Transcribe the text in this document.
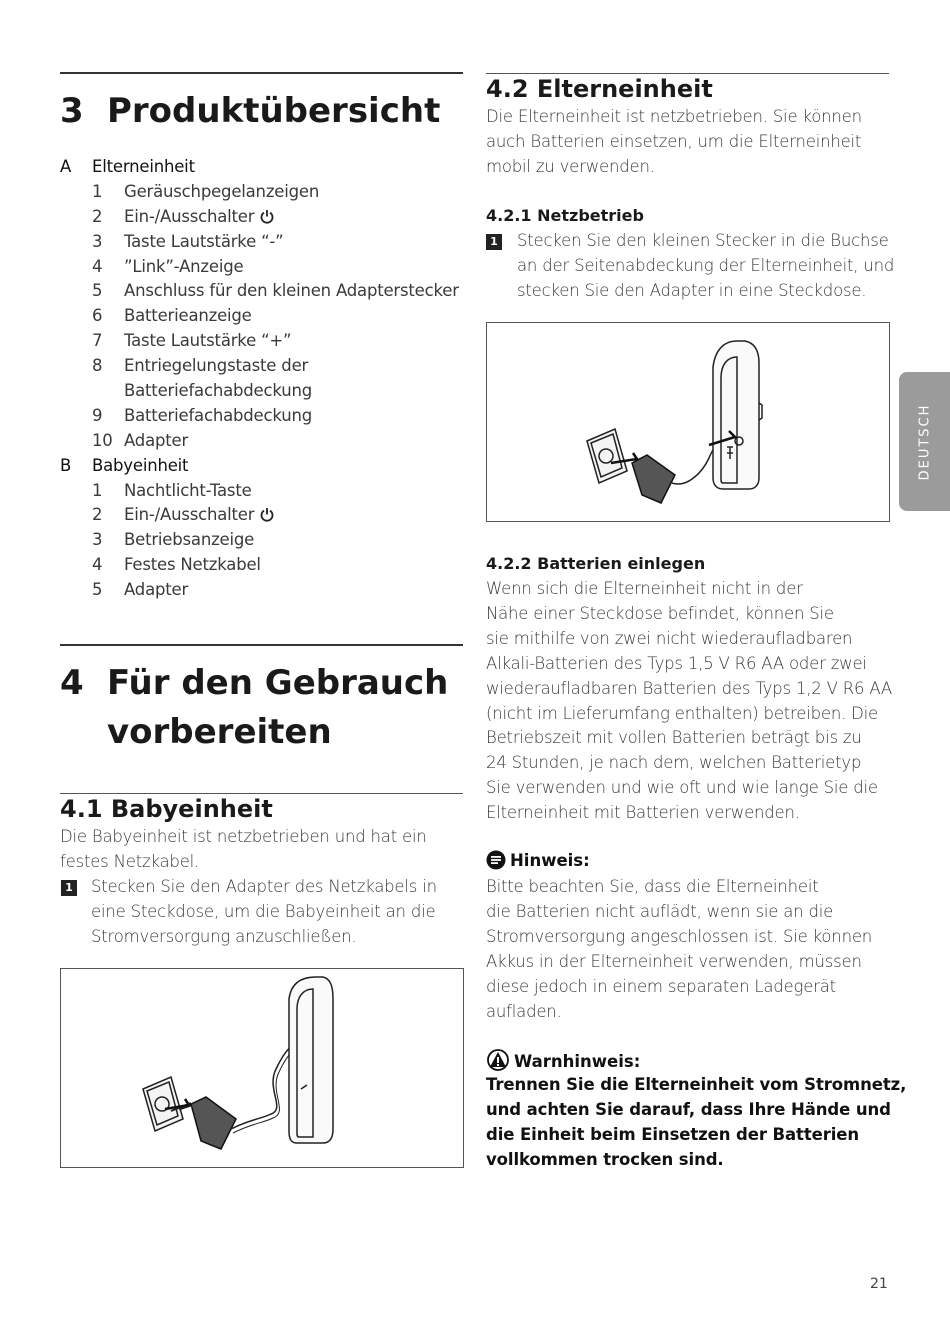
3 Produktübersicht
A Elterneinheit
1	Geräuschpegelanzeigen
2	Ein-/Ausschalter
3	Taste Lautstärke “-”
4	”Link”-Anzeige
5	Anschluss für den kleinen Adapterstecker
6	Batterieanzeige
7	Taste Lautstärke “+”
8	Entriegelungstaste der
Batteriefachabdeckung
9	Batteriefachabdeckung
10 Adapter
B Babyeinheit
1	Nachtlicht-Taste
2	Ein-/Ausschalter
3	Betriebsanzeige
4	Festes Netzkabel
5	Adapter
4 Für den Gebrauch
vorbereiten
4.1 Babyeinheit
Die Babyeinheit ist netzbetrieben und hat ein
festes Netzkabel.
1 Stecken Sie den Adapter des Netzkabels in
eine Steckdose, um die Babyeinheit an die
Stromversorgung anzuschließen.
4.2 Elterneinheit
Die Elterneinheit ist netzbetrieben. Sie können
auch Batterien einsetzen, um die Elterneinheit
mobil zu verwenden.
4.2.1 Netzbetrieb
1 Stecken Sie den kleinen Stecker in die Buchse
an der Seitenabdeckung der Elterneinheit, und
stecken Sie den Adapter in eine Steckdose.
4.2.2 Batterien einlegen
Wenn sich die Elterneinheit nicht in der
Nähe einer Steckdose befindet, können Sie
sie mithilfe von zwei nicht wiederaufladbaren
Alkali-Batterien des Typs 1,5 V R6 AA oder zwei
wiederaufladbaren Batterien des Typs 1,2 V R6 AA
(nicht im Lieferumfang enthalten) betreiben. Die
Betriebszeit mit vollen Batterien beträgt bis zu
24 Stunden, je nach dem, welchen Batterietyp
Sie verwenden und wie oft und wie lange Sie die
Elterneinheit mit Batterien verwenden.
Hinweis:
Bitte beachten Sie, dass die Elterneinheit
die Batterien nicht auflädt, wenn sie an die
Stromversorgung angeschlossen ist. Sie können
Akkus in der Elterneinheit verwenden, müssen
diese jedoch in einem separaten Ladegerät
aufladen.
Warnhinweis:
Trennen Sie die Elterneinheit vom Stromnetz,
und achten Sie darauf, dass Ihre Hände und
die Einheit beim Einsetzen der Batterien
vollkommen trocken sind.
DEUTSCH
21
